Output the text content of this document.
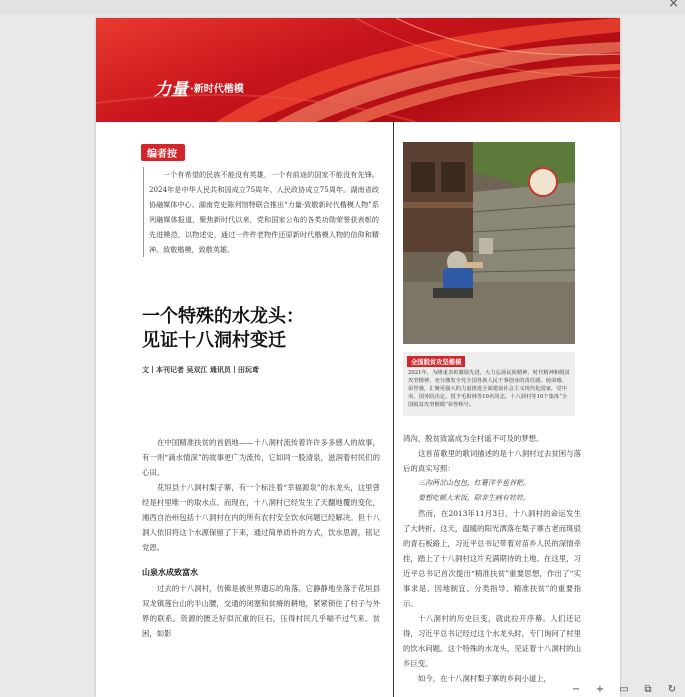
×
力量 ·新时代楷模
编者按
一个有希望的民族不能没有英雄，一个有前途的国家不能没有先锋。2024年是中华人民共和国成立75周年、人民政协成立75周年。湖南省政协融媒体中心、湖南党史陈列馆特联合推出“力量·致敬新时代楷模人物”系列融媒体报道，聚焦新时代以来，党和国家公布的各类功勋荣誉获表彰的先进模范，以物述史，通过一件件老物件还原新时代楷模人物的信仰和精神。致敬楷模，致敬英雄。
一个特殊的水龙头：
见证十八洞村变迁
文丨本刊记者 吴双江 通讯员丨田玩鸢

在中国精准扶贫的首倡地——十八洞村流传着许许多多感人的故事，有一则“滴水情深”的故事更广为流传，它如同一股清泉，滋润着村民们的心田。

花垣县十八洞村梨子寨，有一个标注着“幸福源泉”的水龙头，这里曾经是村里唯一的取水点。而现在，十八洞村已经发生了天翻地覆的变化，湘西自治州包括十八洞村在内的所有农村安全饮水问题已经解决。但十八洞人依旧将这个水源保留了下来，通过简单质朴的方式，饮水思源，铭记党恩。

山泉水成致富水

过去的十八洞村，仿佛是被世界遗忘的角落。它静静地坐落于花垣县双龙镇莲台山的半山腰，交通的闭塞和贫瘠的耕地，紧紧锁住了村子与外界的联系。资源的匮乏好似沉重的巨石，压得村民几乎喘不过气来。贫困，如影

全国脱贫攻坚楷模
2021年，为隆重表彰激励先进，大力弘扬民族精神、时代精神和脱贫攻坚精神，充分激发全党全国各族人民干事创业的责任感、使命感、荣誉感，汇聚更强大的力量推进全面建设社会主义现代化国家，党中央、国务院决定，授予毛相林等10名同志，十八洞村等10个集体“全国脱贫攻坚楷模”荣誉称号。

鸿沟，脱贫致富成为全村遥不可及的梦想。

这首苗歌里的歌词描述的是十八洞村过去贫困与落后的真实写照：

三沟两岔山包包，红薯洋芋苞谷粑。

要想吃顿大米饭，除非生病有娃娃。

然而，在2013年11月3日，十八洞村的命运发生了大转折。这天，温暖的阳光洒落在梨子寨古老而斑驳的青石板路上，习近平总书记带着对苗乡人民的深情牵挂，踏上了十八洞村这片充满期待的土地。在这里，习近平总书记首次提出“精准扶贫”重要思想，作出了“实事求是、因地制宜、分类指导、精准扶贫”的重要指示。

十八洞村的历史巨变，就此拉开序幕。人们还记得，习近平总书记经过这个水龙头时，专门询问了村里的饮水问题。这个特殊的水龙头，见证着十八洞村的山乡巨变。

如今，在十八洞村梨子寨的乡间小道上，

− + ▭	⧉	↻
